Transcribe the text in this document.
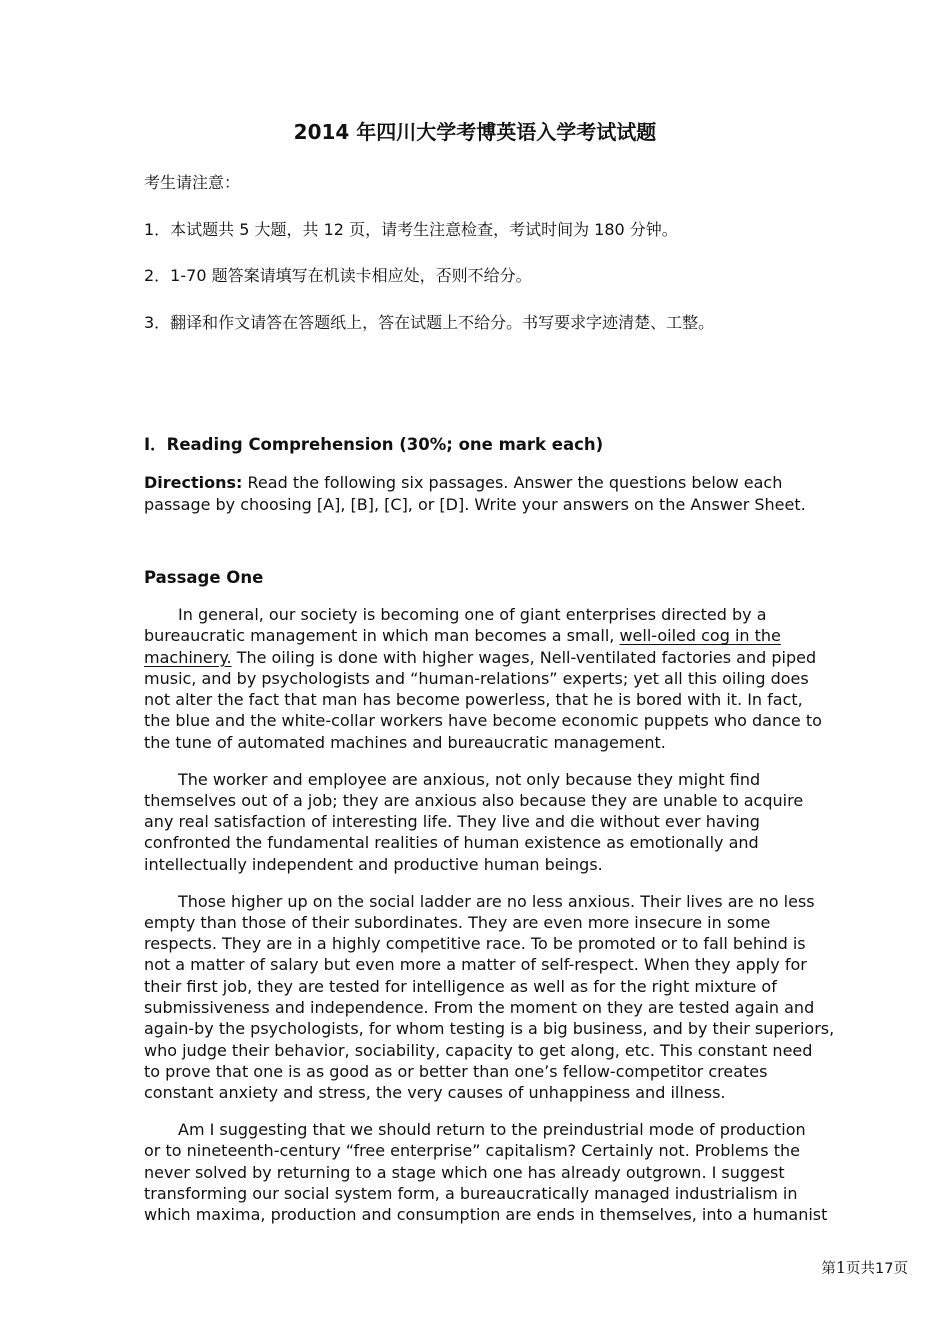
2014 年四川大学考博英语入学考试试题
考生请注意：
1．本试题共 5 大题，共 12 页，请考生注意检查，考试时间为 180 分钟。
2．1-70 题答案请填写在机读卡相应处，否则不给分。
3．翻译和作文请答在答题纸上，答在试题上不给分。书写要求字迹清楚、工整。
I．Reading Comprehension (30%; one mark each)
Directions: Read the following six passages. Answer the questions below each
passage by choosing [A], [B], [C], or [D]. Write your answers on the Answer Sheet.
Passage One
In general, our society is becoming one of giant enterprises directed by a
bureaucratic management in which man becomes a small, well-oiled cog in the
machinery. The oiling is done with higher wages, Nell-ventilated factories and piped
music, and by psychologists and “human-relations” experts; yet all this oiling does
not alter the fact that man has become powerless, that he is bored with it. In fact,
the blue and the white-collar workers have become economic puppets who dance to
the tune of automated machines and bureaucratic management.
The worker and employee are anxious, not only because they might find
themselves out of a job; they are anxious also because they are unable to acquire
any real satisfaction of interesting life. They live and die without ever having
confronted the fundamental realities of human existence as emotionally and
intellectually independent and productive human beings.
Those higher up on the social ladder are no less anxious. Their lives are no less
empty than those of their subordinates. They are even more insecure in some
respects. They are in a highly competitive race. To be promoted or to fall behind is
not a matter of salary but even more a matter of self-respect. When they apply for
their first job, they are tested for intelligence as well as for the right mixture of
submissiveness and independence. From the moment on they are tested again and
again-by the psychologists, for whom testing is a big business, and by their superiors,
who judge their behavior, sociability, capacity to get along, etc. This constant need
to prove that one is as good as or better than one’s fellow-competitor creates
constant anxiety and stress, the very causes of unhappiness and illness.
Am I suggesting that we should return to the preindustrial mode of production
or to nineteenth-century “free enterprise” capitalism? Certainly not. Problems the
never solved by returning to a stage which one has already outgrown. I suggest
transforming our social system form, a bureaucratically managed industrialism in
which maxima, production and consumption are ends in themselves, into a humanist
第1页共17页
